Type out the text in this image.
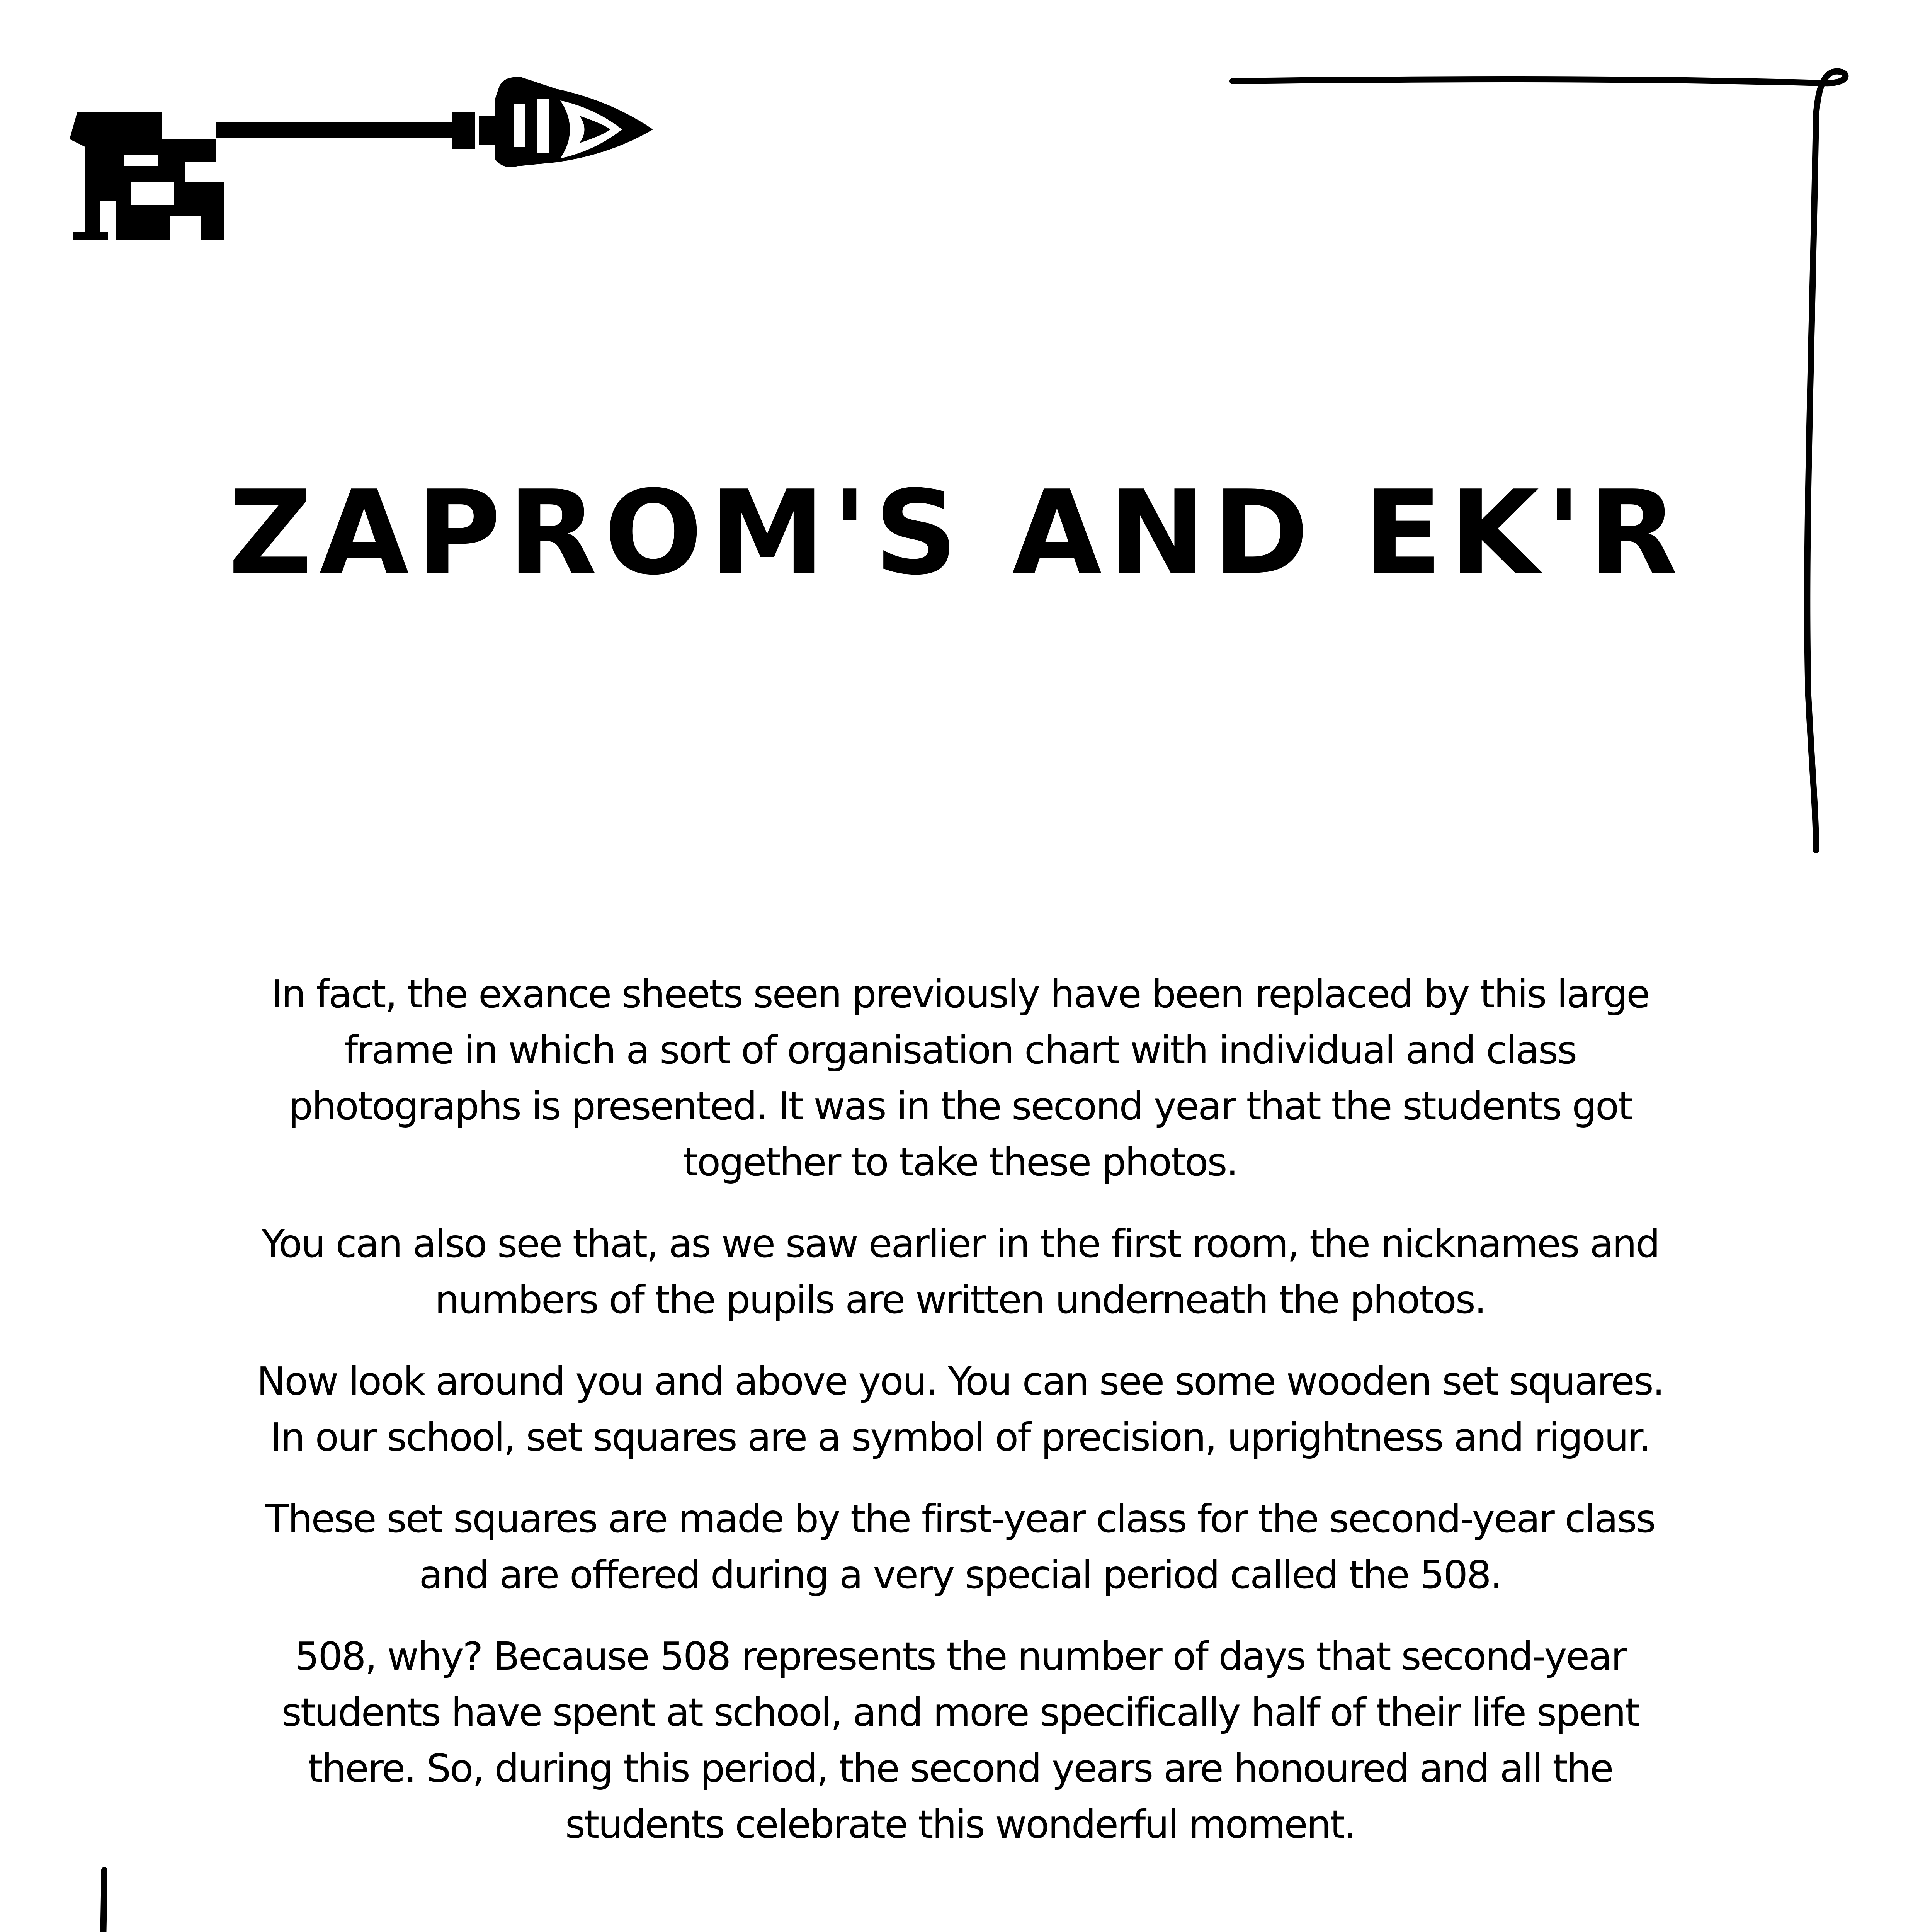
ZAPROM'S AND EK'R

In fact, the exance sheets seen previously have been replaced by this large frame in which a sort of organisation chart with individual and class photographs is presented. It was in the second year that the students got together to take these photos.

You can also see that, as we saw earlier in the first room, the nicknames and numbers of the pupils are written underneath the photos.

Now look around you and above you. You can see some wooden set squares. In our school, set squares are a symbol of precision, uprightness and rigour.

These set squares are made by the first-year class for the second-year class and are offered during a very special period called the 508.

508, why? Because 508 represents the number of days that second-year students have spent at school, and more specifically half of their life spent there. So, during this period, the second years are honoured and all the students celebrate this wonderful moment.
